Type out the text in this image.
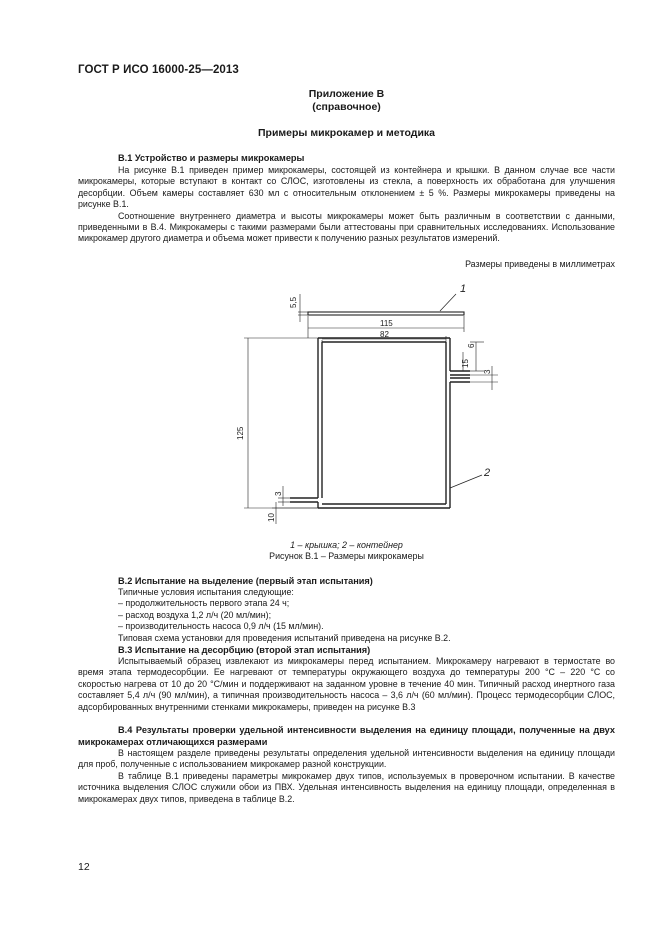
ГОСТ Р ИСО 16000-25—2013
Приложение В
(справочное)
Примеры микрокамер и методика
В.1 Устройство и размеры микрокамеры

На рисунке В.1 приведен пример микрокамеры, состоящей из контейнера и крышки. В данном случае все части микрокамеры, которые вступают в контакт со СЛОС, изготовлены из стекла, а поверхность их обработана для улучшения десорбции. Объем камеры составляет 630 мл с относительным отклонением ± 5 %. Размеры микрокамеры приведены на рисунке В.1.

Соотношение внутреннего диаметра и высоты микрокамеры может быть различным в соответствии с данными, приведенными в В.4. Микрокамеры с такими размерами были аттестованы при сравнительных исследованиях. Использование микрокамер другого диаметра и объема может привести к получению разных результатов измерений.

Размеры приведены в миллиметрах
1
2
5,5
115
82
6
15
3
125
3
10
1 – крышка; 2 – контейнер
Рисунок В.1 – Размеры микрокамеры
В.2 Испытание на выделение (первый этап испытания)
Типичные условия испытания следующие:
– продолжительность первого этапа 24 ч;
– расход воздуха 1,2 л/ч (20 мл/мин);
– производительность насоса 0,9 л/ч (15 мл/мин).
Типовая схема установки для проведения испытаний приведена на рисунке В.2.
В.3 Испытание на десорбцию (второй этап испытания)

Испытываемый образец извлекают из микрокамеры перед испытанием. Микрокамеру нагревают в термостате во время этапа термодесорбции. Ее нагревают от температуры окружающего воздуха до температуры 200 °С – 220 °С со скоростью нагрева от 10 до 20 °С/мин и поддерживают на заданном уровне в течение 40 мин. Типичный расход инертного газа составляет 5,4 л/ч (90 мл/мин), а типичная производительность насоса – 3,6 л/ч (60 мл/мин). Процесс термодесорбции СЛОС, адсорбированных внутренними стенками микрокамеры, приведен на рисунке В.3

В.4 Результаты проверки удельной интенсивности выделения на единицу площади, полученные на двух микрокамерах отличающихся размерами

В настоящем разделе приведены результаты определения удельной интенсивности выделения на единицу площади для проб, полученные с использованием микрокамер разной конструкции.

В таблице В.1 приведены параметры микрокамер двух типов, используемых в проверочном испытании. В качестве источника выделения СЛОС служили обои из ПВХ. Удельная интенсивность выделения на единицу площади, определенная в микрокамерах двух типов, приведена в таблице В.2.

12
